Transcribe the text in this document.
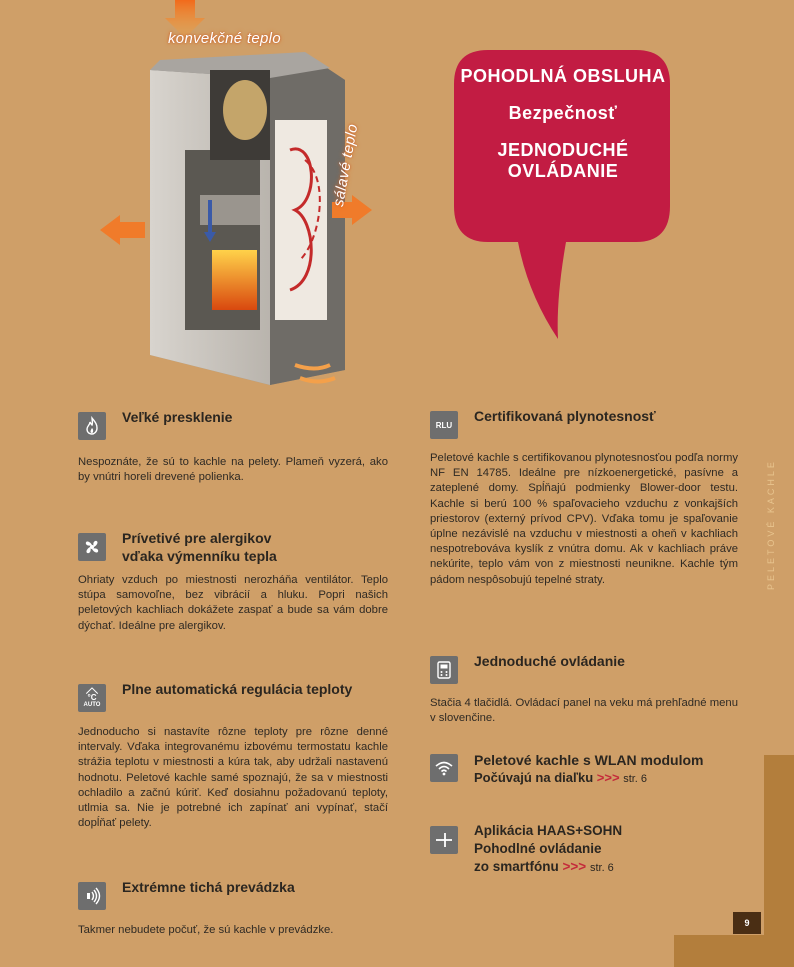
konvekčné teplo
sálavé teplo
POHODLNÁ OBSLUHA
Bezpečnosť
JEDNODUCHÉ OVLÁDANIE
Veľké presklenie
Nespoznáte, že sú to kachle na pelety. Plameň vyzerá, ako by vnútri horeli drevené polienka.
Prívetivé pre alergikov
vďaka výmenníku tepla
Ohriaty vzduch po miestnosti nerozháňa ventilátor. Teplo stúpa samovoľne, bez vibrácií a hluku. Popri našich peletových kachliach dokážete zaspať a bude sa vám dobre dýchať. Ideálne pre alergikov.
°C
AUTO
Plne automatická regulácia teploty
Jednoducho si nastavíte rôzne teploty pre rôzne denné intervaly. Vďaka integrovanému izbovému termostatu kachle strážia teplotu v miestnosti a kúra tak, aby udržali nastavenú hodnotu. Peletové kachle samé spoznajú, že sa v miestnosti ochladilo a začnú kúriť. Keď dosiahnu požadovanú teploty, utlmia sa. Nie je potrebné ich zapínať ani vypínať, stačí dopĺňať pelety.
Extrémne tichá prevádzka
Takmer nebudete počuť, že sú kachle v prevádzke.
RLU
Certifikovaná plynotesnosť
Peletové kachle s certifikovanou plynotesnosťou podľa normy NF EN 14785. Ideálne pre nízkoenergetické, pasívne a zateplené domy. Spĺňajú podmienky Blower-door testu. Kachle si berú 100 % spaľovacieho vzduchu z vonkajších priestorov (externý prívod CPV). Vďaka tomu je spaľovanie úplne nezávislé na vzduchu v miestnosti a oheň v kachliach nespotrebováva kyslík z vnútra domu. Ak v kachliach práve nekúrite, teplo vám von z miestnosti neunikne. Kachle tým pádom nespôsobujú tepelné straty.
Jednoduché ovládanie
Stačia 4 tlačidlá. Ovládací panel na veku má prehľadné menu v slovenčine.
Peletové kachle s WLAN modulom
Počúvajú na diaľku >>> str. 6
Aplikácia HAAS+SOHN
Pohodlné ovládanie
zo smartfónu >>> str. 6
PELETOVÉ KACHLE
9
